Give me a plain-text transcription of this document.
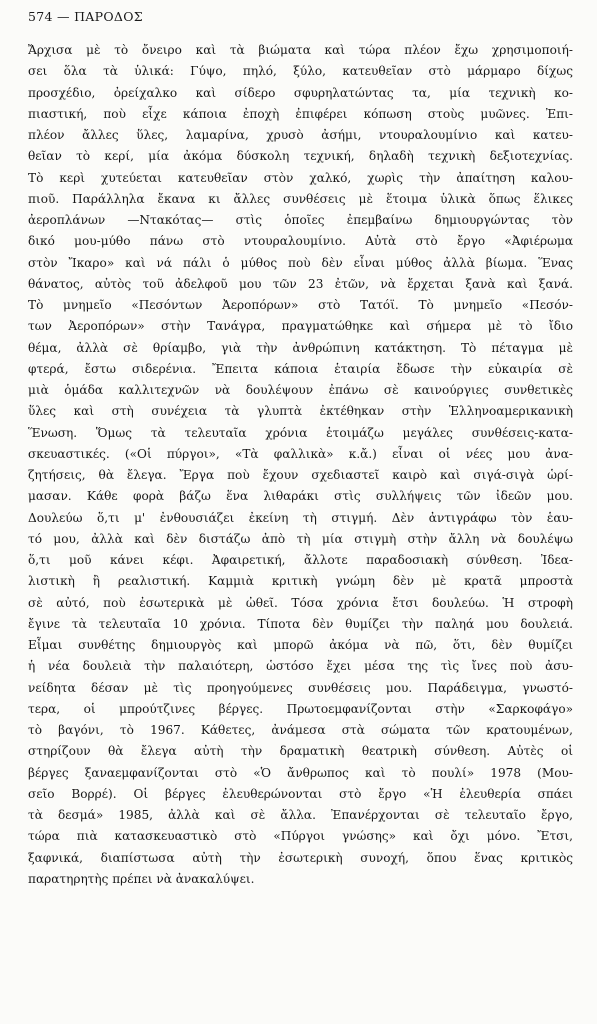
574 — ΠΑΡΟΔΟΣ
Ἄρχισα μὲ τὸ ὄνειρο καὶ τὰ βιώματα καὶ τώρα πλέον ἔχω χρησιμοποιή-
σει ὅλα τὰ ὑλικά: Γύψο, πηλό, ξύλο, κατευθεῖαν στὸ μάρμαρο δίχως
προσχέδιο, ὀρείχαλκο καὶ σίδερο σφυρηλατώντας τα, μία τεχνικὴ κο-
πιαστική, ποὺ εἶχε κάποια ἐποχὴ ἐπιφέρει κόπωση στοὺς μυῶνες. Ἐπι-
πλέον ἄλλες ὕλες, λαμαρίνα, χρυσὸ ἀσήμι, ντουραλουμίνιο καὶ κατευ-
θεῖαν τὸ κερί, μία ἀκόμα δύσκολη τεχνική, δηλαδὴ τεχνικὴ δεξιοτεχνίας.
Τὸ κερὶ χυτεύεται κατευθεῖαν στὸν χαλκό, χωρὶς τὴν ἀπαίτηση καλου-
πιοῦ. Παράλληλα ἔκανα κι ἄλλες συνθέσεις μὲ ἕτοιμα ὑλικὰ ὅπως ἕλικες
ἀεροπλάνων —Ντακότας— στὶς ὁποῖες ἐπεμβαίνω δημιουργώντας τὸν
δικό μου-μύθο πάνω στὸ ντουραλουμίνιο. Αὐτὰ στὸ ἔργο «Ἀφιέρωμα
στὸν Ἴκαρο» καὶ νά πάλι ὁ μύθος ποὺ δὲν εἶναι μύθος ἀλλὰ βίωμα. Ἕνας
θάνατος, αὐτὸς τοῦ ἀδελφοῦ μου τῶν 23 ἐτῶν, νὰ ἔρχεται ξανὰ καὶ ξανά.
Τὸ μνημεῖο «Πεσόντων Ἀεροπόρων» στὸ Τατόϊ. Τὸ μνημεῖο «Πεσόν-
των Ἀεροπόρων» στὴν Τανάγρα, πραγματώθηκε καὶ σήμερα μὲ τὸ ἴδιο
θέμα, ἀλλὰ σὲ θρίαμβο, γιὰ τὴν ἀνθρώπινη κατάκτηση. Τὸ πέταγμα μὲ
φτερά, ἔστω σιδερένια. Ἔπειτα κάποια ἑταιρία ἔδωσε τὴν εὐκαιρία σὲ
μιὰ ὁμάδα καλλιτεχνῶν νὰ δουλέψουν ἐπάνω σὲ καινούργιες συνθετικὲς
ὕλες καὶ στὴ συνέχεια τὰ γλυπτὰ ἐκτέθηκαν στὴν Ἑλληνοαμερικανικὴ
Ἕνωση. Ὅμως τὰ τελευταῖα χρόνια ἑτοιμάζω μεγάλες συνθέσεις-κατα-
σκευαστικές. («Οἱ πύργοι», «Τὰ φαλλικὰ» κ.ἄ.) εἶναι οἱ νέες μου ἀνα-
ζητήσεις, θὰ ἔλεγα. Ἔργα ποὺ ἔχουν σχεδιαστεῖ καιρὸ καὶ σιγά-σιγὰ ὡρί-
μασαν. Κάθε φορὰ βάζω ἕνα λιθαράκι στὶς συλλήψεις τῶν ἰδεῶν μου.
Δουλεύω ὅ,τι μ' ἐνθουσιάζει ἐκείνη τὴ στιγμή. Δὲν ἀντιγράφω τὸν ἑαυ-
τό μου, ἀλλὰ καὶ δὲν διστάζω ἀπὸ τὴ μία στιγμὴ στὴν ἄλλη νὰ δουλέψω
ὅ,τι μοῦ κάνει κέφι. Ἀφαιρετική, ἄλλοτε παραδοσιακὴ σύνθεση. Ἰδεα-
λιστικὴ ἢ ρεαλιστική. Καμμιὰ κριτικὴ γνώμη δὲν μὲ κρατᾶ μπροστὰ
σὲ αὐτό, ποὺ ἐσωτερικὰ μὲ ὠθεῖ. Τόσα χρόνια ἔτσι δουλεύω. Ἡ στροφὴ
ἔγινε τὰ τελευταῖα 10 χρόνια. Τίποτα δὲν θυμίζει τὴν παληά μου δουλειά.
Εἶμαι συνθέτης δημιουργὸς καὶ μπορῶ ἀκόμα νὰ πῶ, ὅτι, δὲν θυμίζει
ἡ νέα δουλειὰ τὴν παλαιότερη, ὡστόσο ἔχει μέσα της τὶς ἴνες ποὺ ἀσυ-
νείδητα δέσαν μὲ τὶς προηγούμενες συνθέσεις μου. Παράδειγμα, γνωστό-
τερα, οἱ μπρούτζινες βέργες. Πρωτοεμφανίζονται στὴν «Σαρκοφάγο»
τὸ βαγόνι, τὸ 1967. Κάθετες, ἀνάμεσα στὰ σώματα τῶν κρατουμένων,
στηρίζουν θὰ ἔλεγα αὐτὴ τὴν δραματικὴ θεατρικὴ σύνθεση. Αὐτὲς οἱ
βέργες ξαναεμφανίζονται στὸ «Ὁ ἄνθρωπος καὶ τὸ πουλί» 1978 (Μου-
σεῖο Βορρέ). Οἱ βέργες ἐλευθερώνονται στὸ ἔργο «Ἡ ἐλευθερία σπάει
τὰ δεσμά» 1985, ἀλλὰ καὶ σὲ ἄλλα. Ἐπανέρχονται σὲ τελευταῖο ἔργο,
τώρα πιὰ κατασκευαστικὸ στὸ «Πύργοι γνώσης» καὶ ὄχι μόνο. Ἔτσι,
ξαφνικά, διαπίστωσα αὐτὴ τὴν ἐσωτερικὴ συνοχή, ὅπου ἕνας κριτικὸς
παρατηρητὴς πρέπει νὰ ἀνακαλύψει.
